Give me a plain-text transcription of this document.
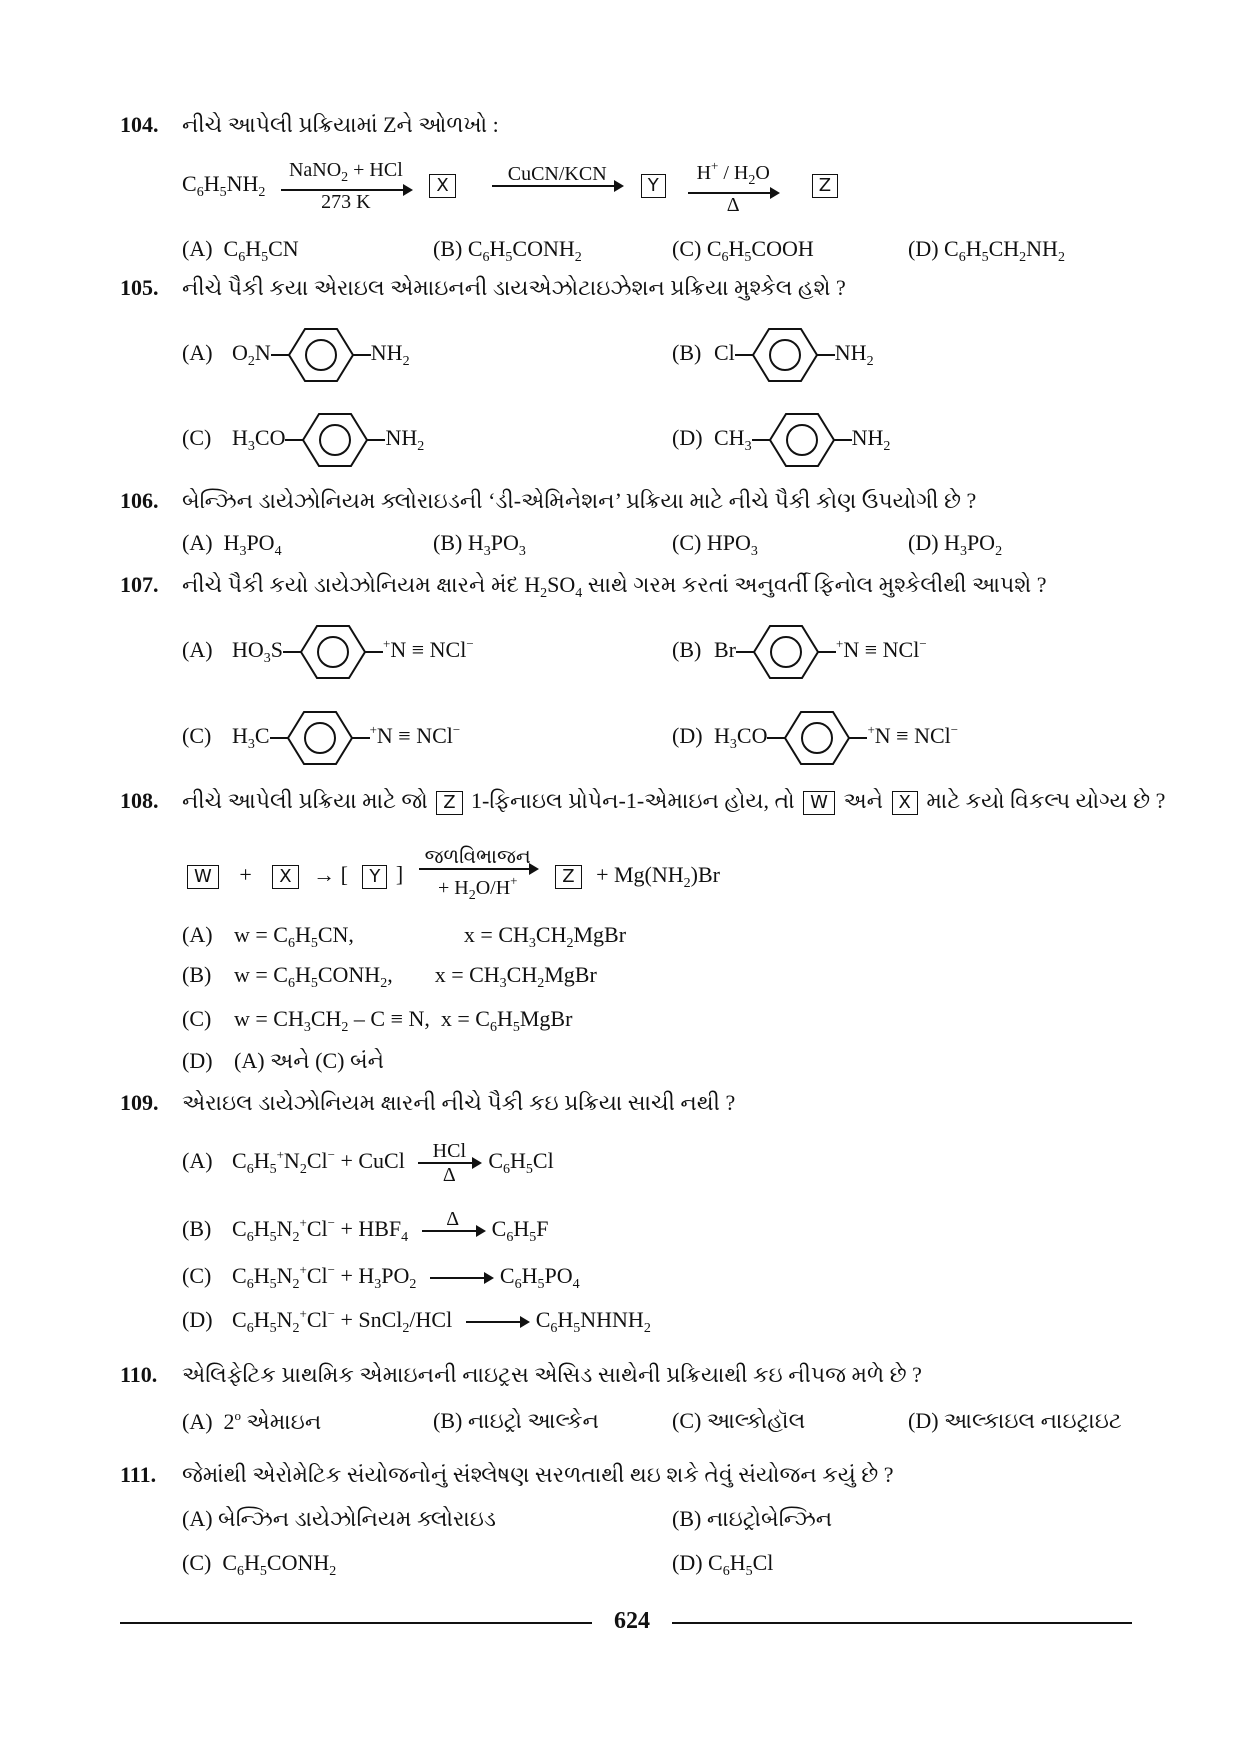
104. નીચે આપેલી પ્રક્રિયામાં Zને ઓળખો :
$C_6H_5NH_2$
NaNO$_2$ + HCl
273 K
X
CuCN/KCN

Y $\frac{H^+ / H_2O}{\Delta}$ Z
(A)  $C_6H_5CN$	(B) $C_6H_5CONH_2$	(C) $C_6H_5COOH$	(D) $C_6H_5CH_2NH_2$
105. નીચે પૈકી કયા એરાઇલ એમાઇનની ડાયએઝોટાઇઝેશન પ્રક્રિયા મુશ્કેલ હશે ?
(A) $O_2N$	$NH_2$	(B) Cl	$NH_2$
(C) $H_3CO$	$NH_2$	(D) $CH_3$	$NH_2$
106. બેન્ઝિન ડાયેઝોનિયમ ક્લોરાઇડની ‘ડી-એમિનેશન’ પ્રક્રિયા માટે નીચે પૈકી કોણ ઉપયોગી છે ?
(A)  $H_3PO_4$	(B) $H_3PO_3$	(C) $HPO_3$	(D) $H_3PO_2$
107. નીચે પૈકી કયો ડાયેઝોનિયમ ક્ષારને મંદ $H_2SO_4$ સાથે ગરમ કરતાં અનુવર્તી ફિનોલ મુશ્કેલીથી આપશે ?
(A) $HO_3S$	+N ≡ NCl−	(B) Br	+N ≡ NCl−
(C) $H_3C$	+N ≡ NCl−	(D) $H_3CO$	+N ≡ NCl−
108. નીચે આપેલી પ્રક્રિયા માટે જો Z 1-ફિનાઇલ પ્રોપેન-1-એમાઇન હોય, તો W અને X માટે કયો વિકલ્પ યોગ્ય છે ?
W + X → [ Y ]
જળવિભાજન
+ $H_2O/H^+$	$Z + Mg(NH_2)Br$
(A) $w = C_6H_5CN$,	$x = CH_3CH_2MgBr$
(B) $w = C_6H_5CONH_2$, $x = CH_3CH_2MgBr$
(C) $w = CH_3CH_2 - C \equiv N$,  $x = C_6H_5MgBr$
(D) (A) અને (C) બંને
109. એરાઇલ ડાયેઝોનિયમ ક્ષારની નીચે પૈકી કઇ પ્રક્રિયા સાચી નથી ?
(A) $C_6H_5^+N_2Cl^-$ + CuCl	HCl
Δ
$C_6H_5Cl$
(B) $C_6H_5N_2^+Cl^- + HBF_4$
Δ
	$C_6H_5F$
(C) $C_6H_5N_2^+Cl^- + H_3PO_2 \to C_6H_5PO_4$
(D) $C_6H_5N_2^+Cl^-$ + SnCl$_2$/HCl → $C_6H_5NHNH_2$
110. એલિફેટિક પ્રાથમિક એમાઇનની નાઇટ્રસ એસિડ સાથેની પ્રક્રિયાથી કઇ નીપજ મળે છે ?
(A)  2$^o$ એમાઇન	(B) નાઇટ્રો આલ્કેન	(C) આલ્કોહૉલ	(D) આલ્કાઇલ નાઇટ્રાઇટ
111. જેમાંથી એરોમેટિક સંયોજનોનું સંશ્લેષણ સરળતાથી થઇ શકે તેવું સંયોજન કયું છે ?
(A) બેન્ઝિન ડાયેઝોનિયમ ક્લોરાઇડ	(B) નાઇટ્રોબેન્ઝિન
(C)  $C_6H_5CONH_2$	(D) $C_6H_5Cl$
624
